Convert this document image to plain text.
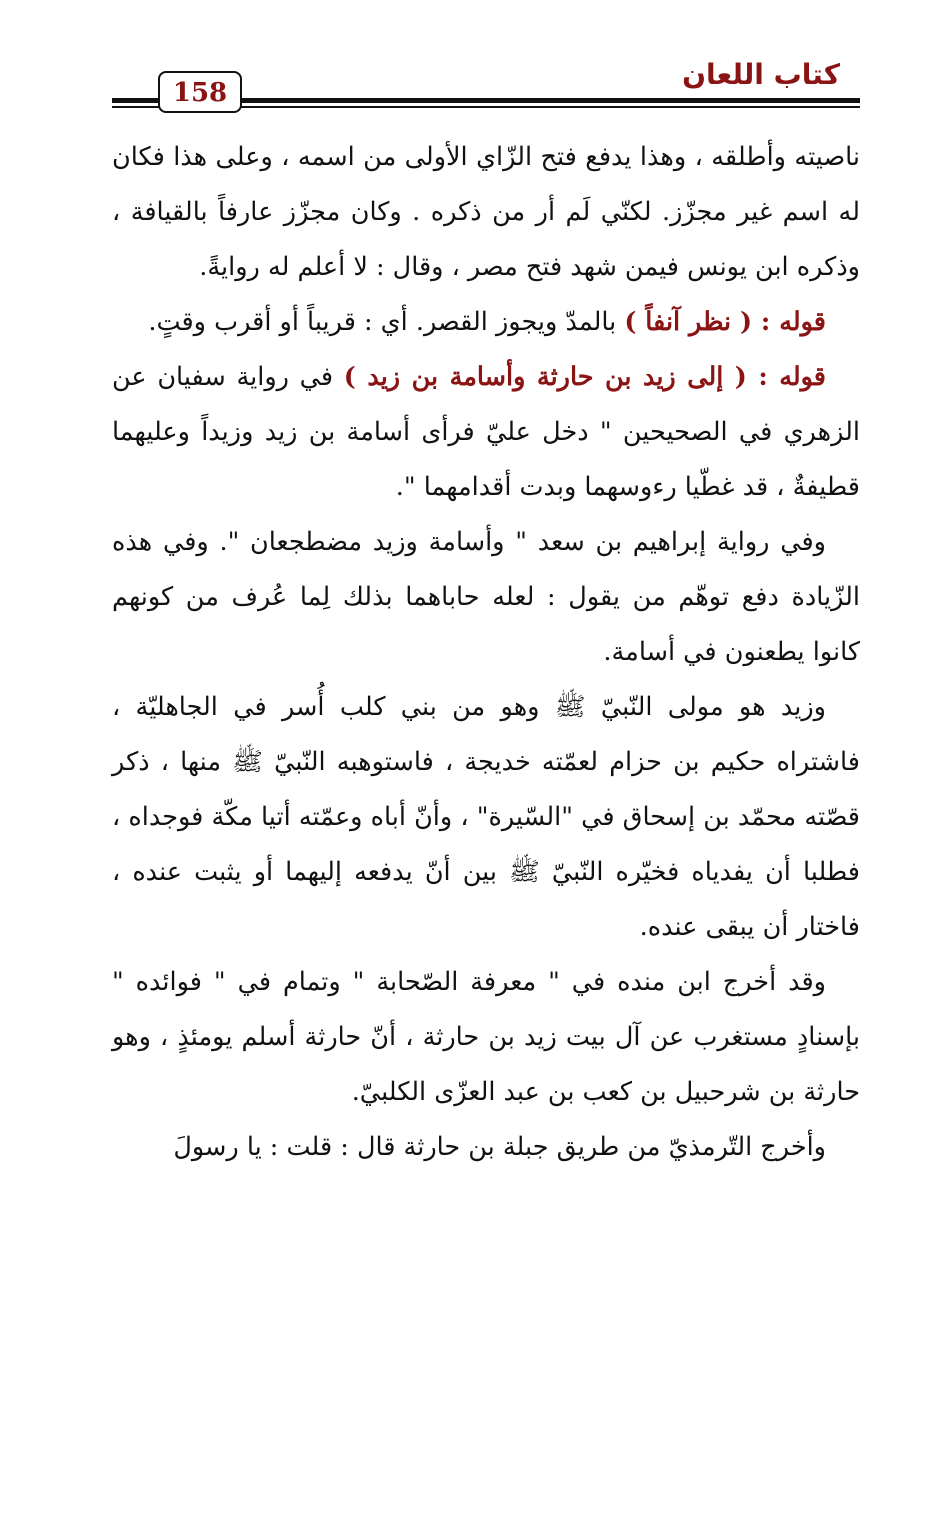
كتاب اللعان
158

ناصيته وأطلقه ، وهذا يدفع فتح الزّاي الأولى من اسمه ، وعلى هذا فكان له اسم غير مجزّز. لكنّي لَم أر من ذكره . وكان مجزّز عارفاً بالقيافة ، وذكره ابن يونس فيمن شهد فتح مصر ، وقال : لا أعلم له روايةً.

قوله : ( نظر آنفاً ) بالمدّ ويجوز القصر. أي : قريباً أو أقرب وقتٍ.

قوله : ( إلى زيد بن حارثة وأسامة بن زيد ) في رواية سفيان عن الزهري في الصحيحين " دخل عليّ فرأى أسامة بن زيد وزيداً وعليهما قطيفةٌ ، قد غطّيا رءوسهما وبدت أقدامهما ".

وفي رواية إبراهيم بن سعد " وأسامة وزيد مضطجعان ". وفي هذه الزّيادة دفع توهّم من يقول : لعله حاباهما بذلك لِما عُرف من كونهم كانوا يطعنون في أسامة.

وزيد هو مولى النّبيّ ﷺ وهو من بني كلب أُسر في الجاهليّة ، فاشتراه حكيم بن حزام لعمّته خديجة ، فاستوهبه النّبيّ ﷺ منها ، ذكر قصّته محمّد بن إسحاق في "السّيرة" ، وأنّ أباه وعمّته أتيا مكّة فوجداه ، فطلبا أن يفدياه فخيّره النّبيّ ﷺ بين أنّ يدفعه إليهما أو يثبت عنده ، فاختار أن يبقى عنده.

وقد أخرج ابن منده في " معرفة الصّحابة " وتمام في " فوائده " بإسنادٍ مستغرب عن آل بيت زيد بن حارثة ، أنّ حارثة أسلم يومئذٍ ، وهو حارثة بن شرحبيل بن كعب بن عبد العزّى الكلبيّ.

وأخرج التّرمذيّ من طريق جبلة بن حارثة قال : قلت : يا رسولَ
